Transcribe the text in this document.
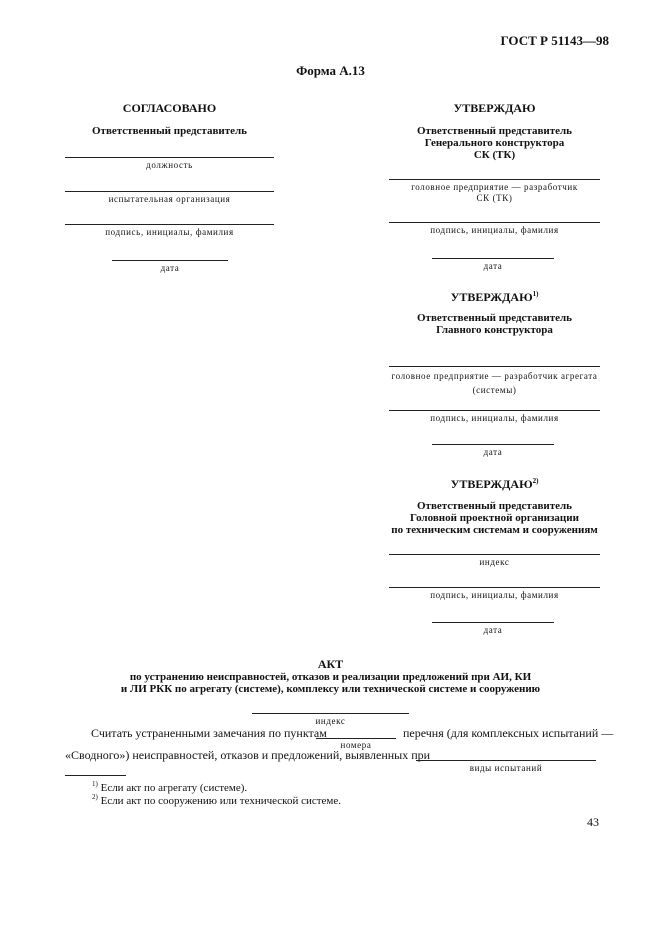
ГОСТ Р 51143—98
Форма А.13
СОГЛАСОВАНО
Ответственный представитель
должность
испытательная организация
подпись, инициалы, фамилия
дата
УТВЕРЖДАЮ
Ответственный представитель
Генерального конструктора
СК (ТК)
головное предприятие — разработчик
СК (ТК)
подпись, инициалы, фамилия
дата
УТВЕРЖДАЮ$^{1)}$
Ответственный представитель
Главного конструктора
головное предприятие — разработчик агрегата
(системы)
подпись, инициалы, фамилия
дата
УТВЕРЖДАЮ$^{2)}$
Ответственный представитель
Головной проектной организации
по техническим системам и сооружениям
индекс
подпись, инициалы, фамилия
дата
АКТ
по устранению неисправностей, отказов и реализации предложений при АИ, КИ
и ЛИ РКК по агрегату (системе), комплексу или технической системе и сооружению
индекс
Считать устраненными замечания по пунктам
номера
перечня (для комплексных испытаний —
«Сводного») неисправностей, отказов и предложений, выявленных при
виды испытаний
$^{1)}$ Если акт по агрегату (системе).
$^{2)}$ Если акт по сооружению или технической системе.
43
